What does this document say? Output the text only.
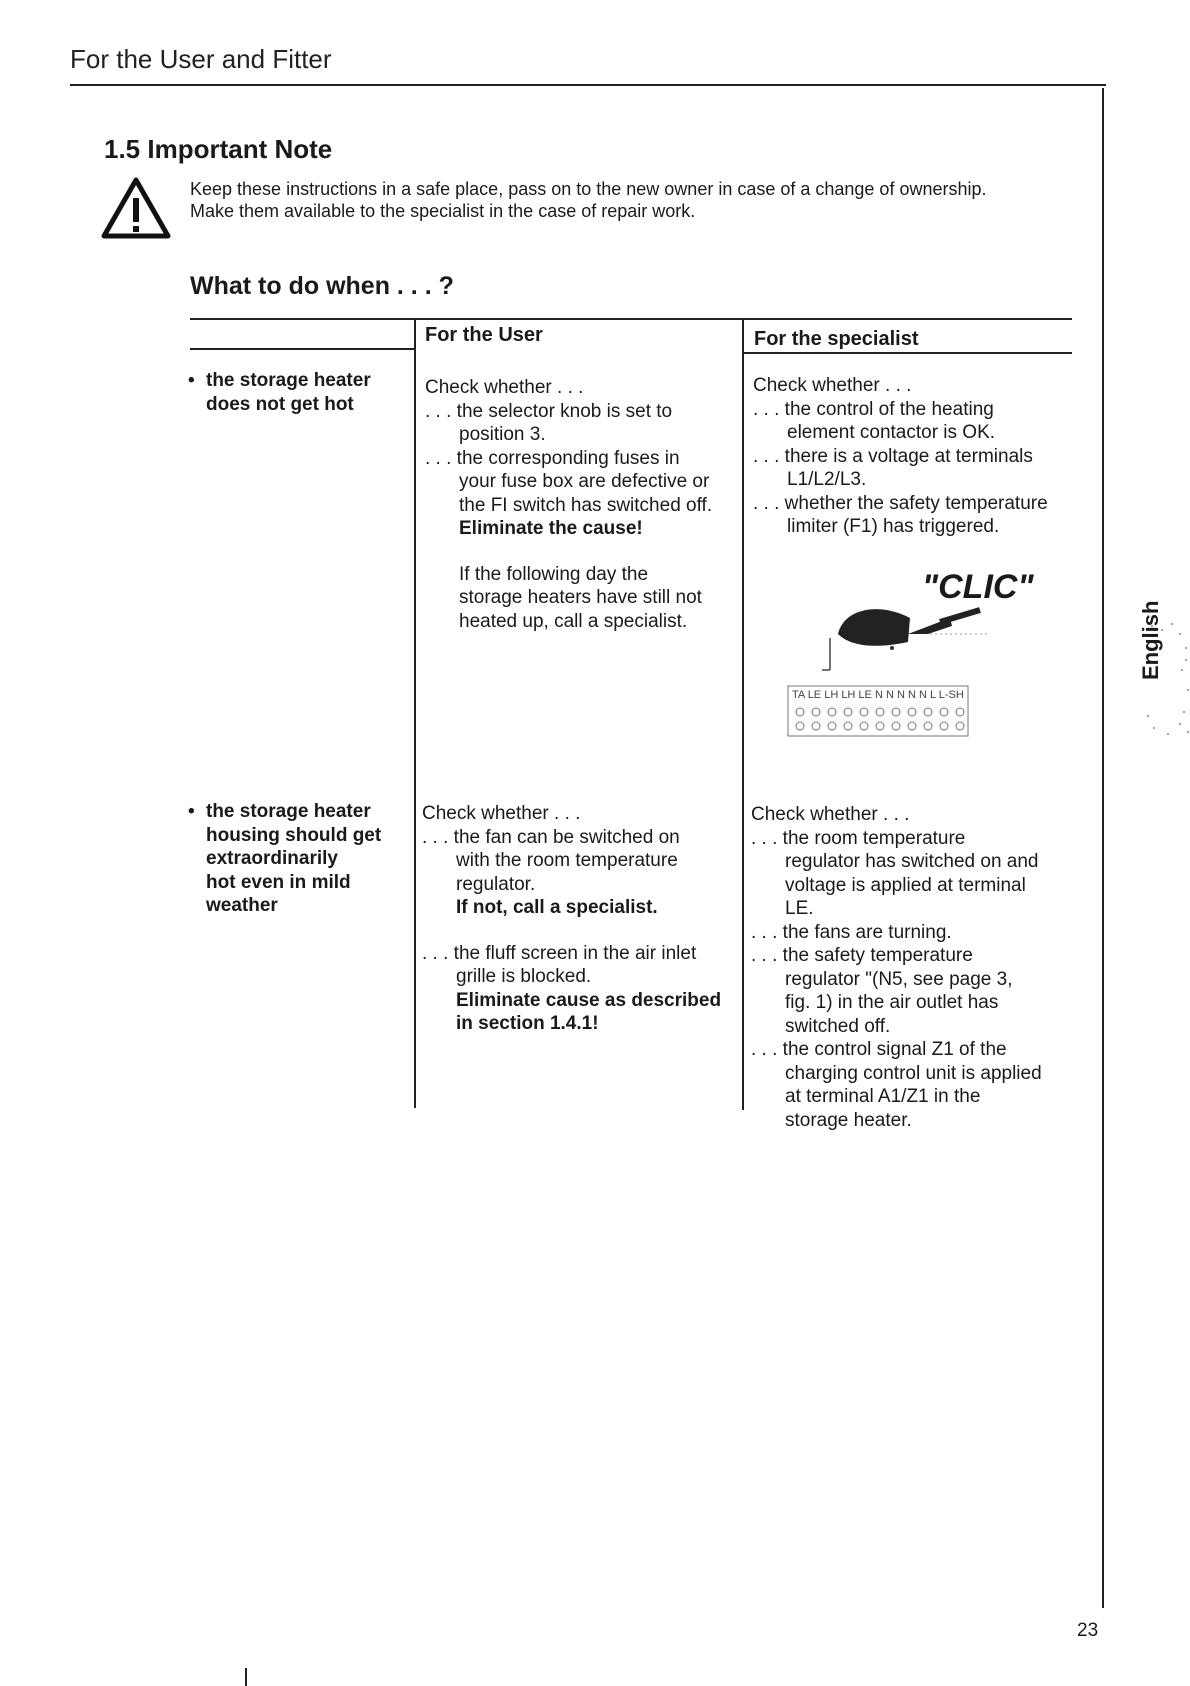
For the User and Fitter
1.5 Important Note
Keep these instructions in a safe place, pass on to the new owner in case of a change of ownership.
Make them available to the specialist in the case of repair work.
What to do when . . . ?
For the User	For the specialist
• the storage heater
does not get hot

Check whether . . .

. . . the selector knob is set to

position 3.

. . . the corresponding fuses in

your fuse box are defective or

the FI switch has switched off.

Eliminate the cause!

If the following day the

storage heaters have still not

heated up, call a specialist.

Check whether . . .

. . . the control of the heating

element contactor is OK.

. . . there is a voltage at terminals

L1/L2/L3.

. . . whether the safety temperature

limiter (F1) has triggered.

"CLIC"
TA LE LH LH LE N N N N N L L-SH
• the storage heater
housing should get
extraordinarily
hot even in mild
weather

Check whether . . .

. . . the fan can be switched on

with the room temperature

regulator.

If not, call a specialist.

. . . the fluff screen in the air inlet

grille is blocked.

Eliminate cause as described

in section 1.4.1!

Check whether . . .

. . . the room temperature

regulator has switched on and

voltage is applied at terminal

LE.

. . . the fans are turning.

. . . the safety temperature

regulator "(N5, see page 3,

fig. 1) in the air outlet has

switched off.

. . . the control signal Z1 of the

charging control unit is applied

at terminal A1/Z1 in the

storage heater.

English
23
